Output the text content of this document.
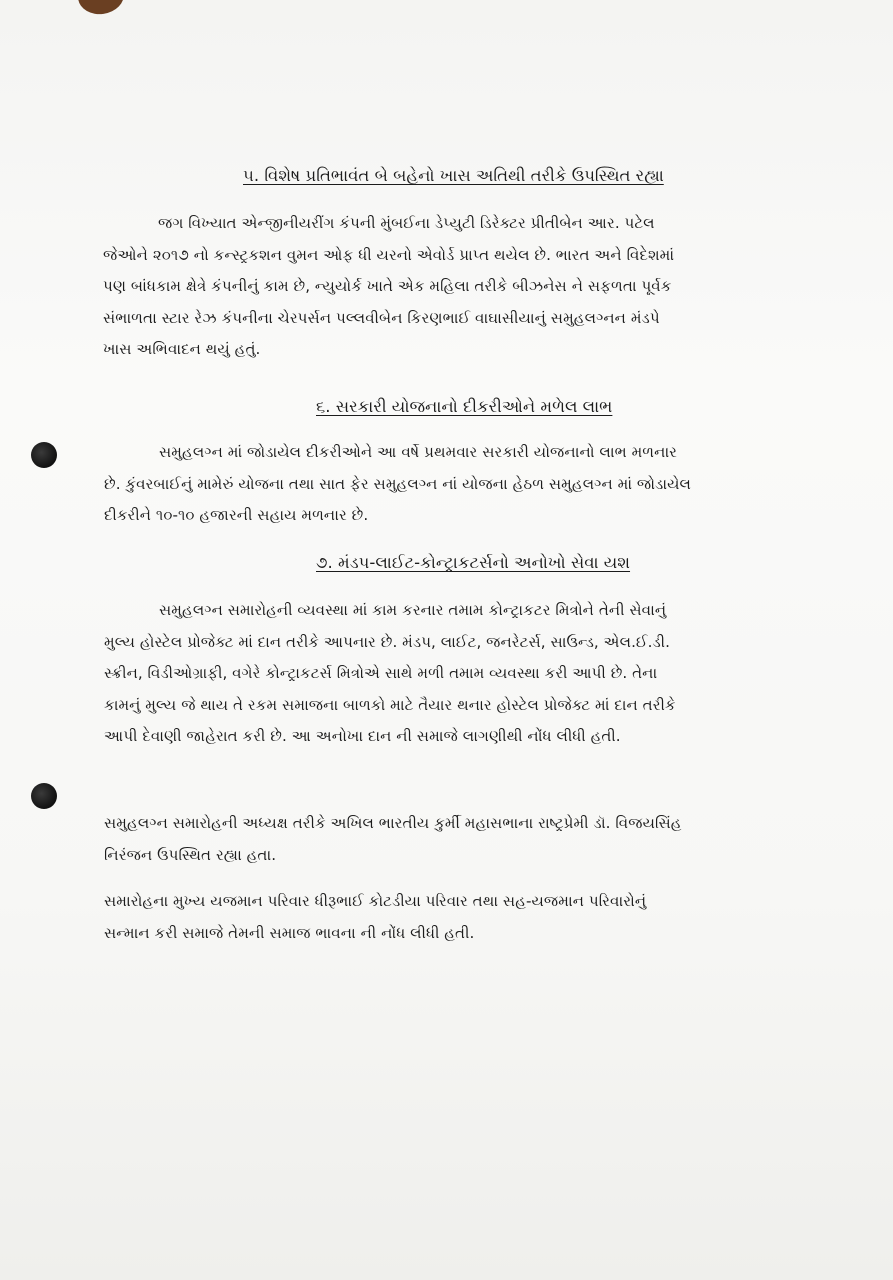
૫. વિશેષ પ્રતિભાવંત બે બહેનો ખાસ અતિથી તરીકે ઉપસ્થિત રહ્યા
જગ વિખ્યાત એન્જીનીયરીંગ કંપની મુંબઈના ડેપ્યુટી ડિરેક્ટર પ્રીતીબેન આર. પટેલ
જેઓને ૨૦૧૭ નો કન્સ્ટ્રકશન વુમન ઓફ ધી યરનો એવોર્ડ પ્રાપ્ત થયેલ છે. ભારત અને વિદેશમાં
પણ બાંધકામ ક્ષેત્રે કંપનીનું કામ છે, ન્યુયોર્ક ખાતે એક મહિલા તરીકે બીઝનેસ ને સફળતા પૂર્વક
સંભાળતા સ્ટાર રેઝ કંપનીના ચેરપર્સન પલ્લવીબેન કિરણભાઈ વાઘાસીયાનું સમુહલગ્નન મંડપે
ખાસ અભિવાદન થયું હતું.
૬. સરકારી યોજનાનો દીકરીઓને મળેલ લાભ
સમુહલગ્ન માં જોડાયેલ દીકરીઓને આ વર્ષે પ્રથમવાર સરકારી યોજનાનો લાભ મળનાર
છે. કુંવરબાઈનું મામેરું યોજના તથા સાત ફેર સમુહલગ્ન નાં યોજના હેઠળ સમુહલગ્ન માં જોડાયેલ
દીકરીને ૧૦-૧૦ હજારની સહાય મળનાર છે.
૭. મંડપ-લાઈટ-કોન્ટ્રાકટર્સનો અનોખો સેવા યશ
સમુહલગ્ન સમારોહની વ્યવસ્થા માં કામ કરનાર તમામ કોન્ટ્રાકટર મિત્રોને તેની સેવાનું
મુલ્ય હોસ્ટેલ પ્રોજેક્ટ માં દાન તરીકે આપનાર છે. મંડપ, લાઈટ, જનરેટર્સ, સાઉન્ડ, એલ.ઈ.ડી.
સ્ક્રીન, વિડીઓગ્રાફી, વગેરે કોન્ટ્રાકટર્સ મિત્રોએ સાથે મળી તમામ વ્યવસ્થા કરી આપી છે. તેના
કામનું મુલ્ય જે થાય તે રકમ સમાજના બાળકો માટે તૈયાર થનાર હોસ્ટેલ પ્રોજેક્ટ માં દાન તરીકે
આપી દેવાણી જાહેરાત કરી છે. આ અનોખા દાન ની સમાજે લાગણીથી નોંધ લીધી હતી.
સમુહલગ્ન સમારોહની અધ્યક્ષ તરીકે અખિલ ભારતીય કુર્મી મહાસભાના રાષ્ટ્રપ્રેમી ડૉ. વિજયસિંહ
નિરંજન ઉપસ્થિત રહ્યા હતા.
સમારોહના મુખ્ય યજમાન પરિવાર ધીરૂભાઈ કોટડીયા પરિવાર તથા સહ-યજમાન પરિવારોનું
સન્માન કરી સમાજે તેમની સમાજ ભાવના ની નોંધ લીધી હતી.
